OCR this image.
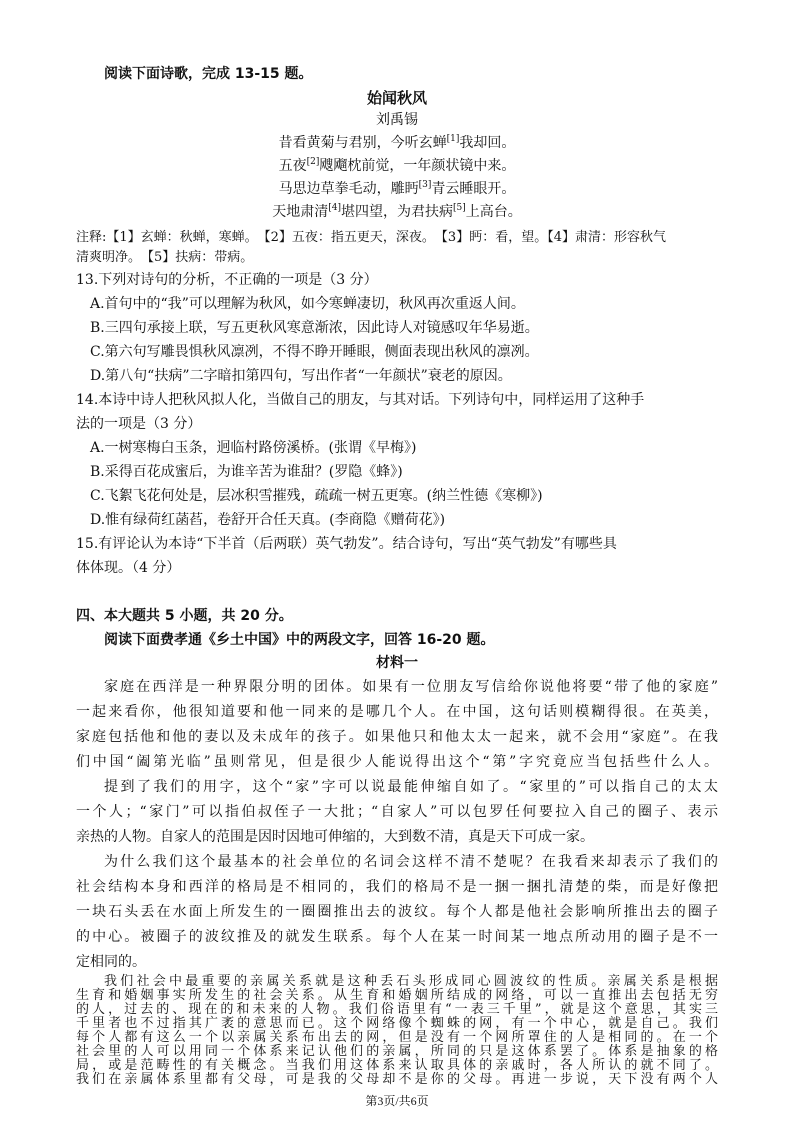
阅读下面诗歌，完成 13-15 题。
始闻秋风
刘禹锡
昔看黄菊与君别，今听玄蝉[1]我却回。
五夜[2]飕飗枕前觉，一年颜状镜中来。
马思边草拳毛动，雕眄[3]青云睡眼开。
天地肃清[4]堪四望，为君扶病[5]上高台。
注释:【1】玄蝉：秋蝉，寒蝉。　【2】五夜：指五更天，深夜。　【3】眄：看，望。【4】肃清：形容秋气
清爽明净。　【5】扶病：带病。
13.下列对诗句的分析，不正确的一项是（3 分）
A.首句中的“我”可以理解为秋风，如今寒蝉凄切，秋风再次重返人间。
B.三四句承接上联，写五更秋风寒意渐浓，因此诗人对镜感叹年华易逝。
C.第六句写雕畏惧秋风凛冽，不得不睁开睡眼，侧面表现出秋风的凛冽。
D.第八句“扶病”二字暗扣第四句，写出作者“一年颜状”衰老的原因。
14.本诗中诗人把秋风拟人化，当做自己的朋友，与其对话。下列诗句中，同样运用了这种手
法的一项是（3 分）
A.一树寒梅白玉条，迥临村路傍溪桥。(张谓《早梅》)
B.采得百花成蜜后，为谁辛苦为谁甜？(罗隐《蜂》)
C.飞絮飞花何处是，层冰积雪摧残，疏疏一树五更寒。(纳兰性德《寒柳》)
D.惟有绿荷红菡萏，卷舒开合任天真。(李商隐《赠荷花》)
15.有评论认为本诗“下半首（后两联）英气勃发”。结合诗句，写出“英气勃发”有哪些具
体体现。（4 分）
四、本大题共 5 小题，共 20 分。
阅读下面费孝通《乡土中国》中的两段文字，回答 16-20 题。
材料一
家庭在西洋是一种界限分明的团体。如果有一位朋友写信给你说他将要“带了他的家庭”
一起来看你，他很知道要和他一同来的是哪几个人。在中国，这句话则模糊得很。在英美，
家庭包括他和他的妻以及未成年的孩子。如果他只和他太太一起来，就不会用“家庭”。在我
们中国“阖第光临”虽则常见，但是很少人能说得出这个“第”字究竟应当包括些什么人。
提到了我们的用字，这个“家”字可以说最能伸缩自如了。“家里的”可以指自己的太太
一个人；“家门”可以指伯叔侄子一大批；“自家人”可以包罗任何要拉入自己的圈子、表示
亲热的人物。自家人的范围是因时因地可伸缩的，大到数不清，真是天下可成一家。
为什么我们这个最基本的社会单位的名词会这样不清不楚呢？在我看来却表示了我们的
社会结构本身和西洋的格局是不相同的，我们的格局不是一捆一捆扎清楚的柴，而是好像把
一块石头丢在水面上所发生的一圈圈推出去的波纹。每个人都是他社会影响所推出去的圈子
的中心。被圈子的波纹推及的就发生联系。每个人在某一时间某一地点所动用的圈子是不一
定相同的。
第3页/共6页
我们社会中最重要的亲属关系就是这种丢石头形成同心圆波纹的性质。亲属关系是根据
生育和婚姻事实所发生的社会关系。从生育和婚姻所结成的网络，可以一直推出去包括无穷
的人，过去的、现在的和未来的人物。我们俗语里有“一表三千里”，就是这个意思，其实三
千里者也不过指其广袤的意思而已。这个网络像个蜘蛛的网，有一个中心，就是自己。我们
每个人都有这么一个以亲属关系布出去的网，但是没有一个网所罩住的人是相同的。在一个
社会里的人可以用同一个体系来记认他们的亲属，所同的只是这体系罢了。体系是抽象的格
局，或是范畴性的有关概念。当我们用这体系来认取具体的亲戚时，各人所认的就不同了。
我们在亲属体系里都有父母，可是我的父母却不是你的父母。再进一步说，天下没有两个人
